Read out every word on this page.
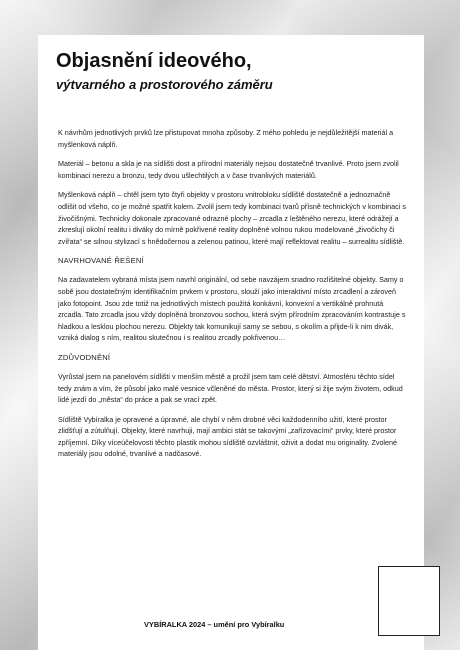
Objasnění ideového,
výtvarného a prostorového záměru

K návrhům jednotlivých prvků lze přistupovat mnoha způsoby. Z mého pohledu je nejdůležitější materiál a myšlenková náplň.

Materiál – betonu a skla je na sídlišti dost a přírodní materiály nejsou dostatečně trvanlivé. Proto jsem zvolil kombinaci nerezu a bronzu, tedy dvou ušlechtilých a v čase trvanlivých materiálů.

Myšlenková náplň – chtěl jsem tyto čtyři objekty v prostoru vnitrobloku sídliště dostatečně a jednoznačně odlišit od všeho, co je možné spatřit kolem. Zvolil jsem tedy kombinaci tvarů přísně technických v kombinaci s živočišnými. Technicky dokonale zpracované odrazné plochy – zrcadla z leštěného nerezu, které odrážejí a zkreslují okolní realitu i diváky do mírně pokřivené reality doplněné volnou rukou modelované „živočichy či zvířata“ se silnou stylizací s hnědočernou a zelenou patinou, které mají reflektovat realitu – surrealitu sídliště.

NAVRHOVANÉ ŘEŠENÍ

Na zadavatelem vybraná místa jsem navrhl originální, od sebe navzájem snadno rozlišitelné objekty. Samy o sobě jsou dostatečným identifikačním prvkem v prostoru, slouží jako interaktivní místo zrcadlení a zároveň jako fotopoint. Jsou zde totiž na jednotlivých místech použitá konkávní, konvexní a vertikálně prohnutá zrcadla. Tato zrcadla jsou vždy doplněná bronzovou sochou, která svým přírodním zpracováním kontrastuje s hladkou a lesklou plochou nerezu. Objekty tak komunikují samy se sebou, s okolím a přijde-li k nim divák, vzniká dialog s ním, realitou skutečnou i s realitou zrcadly pokřivenou…

ZDŮVODNĚNÍ

Vyrůstal jsem na panelovém sídlišti v menším městě a prožil jsem tam celé dětství. Atmosféru těchto sídel tedy znám a vím, že působí jako malé vesnice včleněné do města. Prostor, který si žije svým životem, odkud lidé jezdí do „města“ do práce a pak se vrací zpět.

Sídliště Vybíralka je opravené a úpravné, ale chybí v něm drobné věci každodenního užití, které prostor zlidšťují a zútulňují. Objekty, které navrhuji, mají ambici stát se takovými „zařízovacími“ prvky, které prostor zpříjemní. Díky víceúčelovosti těchto plastik mohou sídliště ozvláštnit, oživit a dodat mu originality. Zvolené materiály jsou odolné, trvanlivé a nadčasové.

VYBÍRALKA 2024 – umění pro Vybíralku
